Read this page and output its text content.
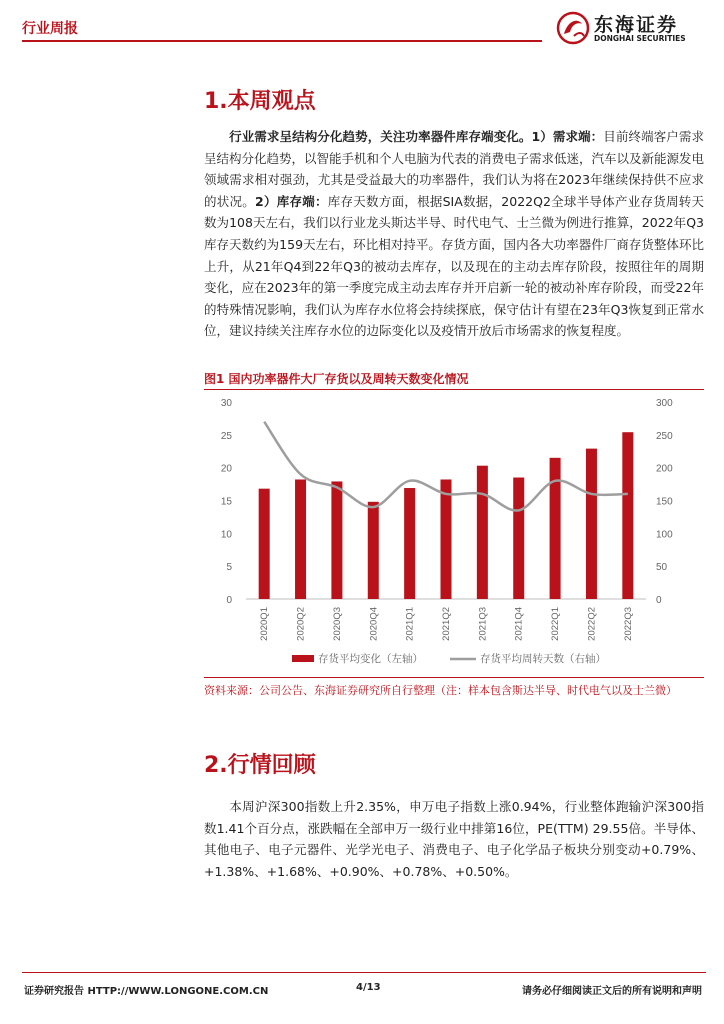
行业周报	东海证券
DONGHAI SECURITIES
1.本周观点
  行业需求呈结构分化趋势，关注功率器件库存端变化。1）需求端：目前终端客户需求呈结构分化趋势，以智能手机和个人电脑为代表的消费电子需求低迷，汽车以及新能源发电领域需求相对强劲，尤其是受益最大的功率器件，我们认为将在2023年继续保持供不应求的状况。2）库存端：库存天数方面，根据SIA数据，2022Q2全球半导体产业存货周转天数为108天左右，我们以行业龙头斯达半导、时代电气、士兰微为例进行推算，2022年Q3库存天数约为159天左右，环比相对持平。存货方面，国内各大功率器件厂商存货整体环比上升，从21年Q4到22年Q3的被动去库存，以及现在的主动去库存阶段，按照往年的周期变化，应在2023年的第一季度完成主动去库存并开启新一轮的被动补库存阶段，而受22年的特殊情况影响，我们认为库存水位将会持续探底，保守估计有望在23年Q3恢复到正常水位，建议持续关注库存水位的边际变化以及疫情开放后市场需求的恢复程度。
图1 国内功率器件大厂存货以及周转天数变化情况
0
5
10
15
20
25
30
0
50
100
150
200
250
300
2020Q1	2020Q2	2020Q3	2020Q4	2021Q1	2021Q2	2021Q3	2021Q4	2022Q1	2022Q2	2022Q3
存货平均变化（左轴）	存货平均周转天数（右轴）
资料来源：公司公告、东海证券研究所自行整理（注：样本包含斯达半导、时代电气以及士兰微）
2.行情回顾
  本周沪深300指数上升2.35%，申万电子指数上涨0.94%，行业整体跑输沪深300指数1.41个百分点，涨跌幅在全部申万一级行业中排第16位，PE(TTM) 29.55倍。半导体、其他电子、电子元器件、光学光电子、消费电子、电子化学品子板块分别变动+0.79%、+1.38%、+1.68%、+0.90%、+0.78%、+0.50%。
证券研究报告 HTTP://WWW.LONGONE.COM.CN	4/13	请务必仔细阅读正文后的所有说明和声明
